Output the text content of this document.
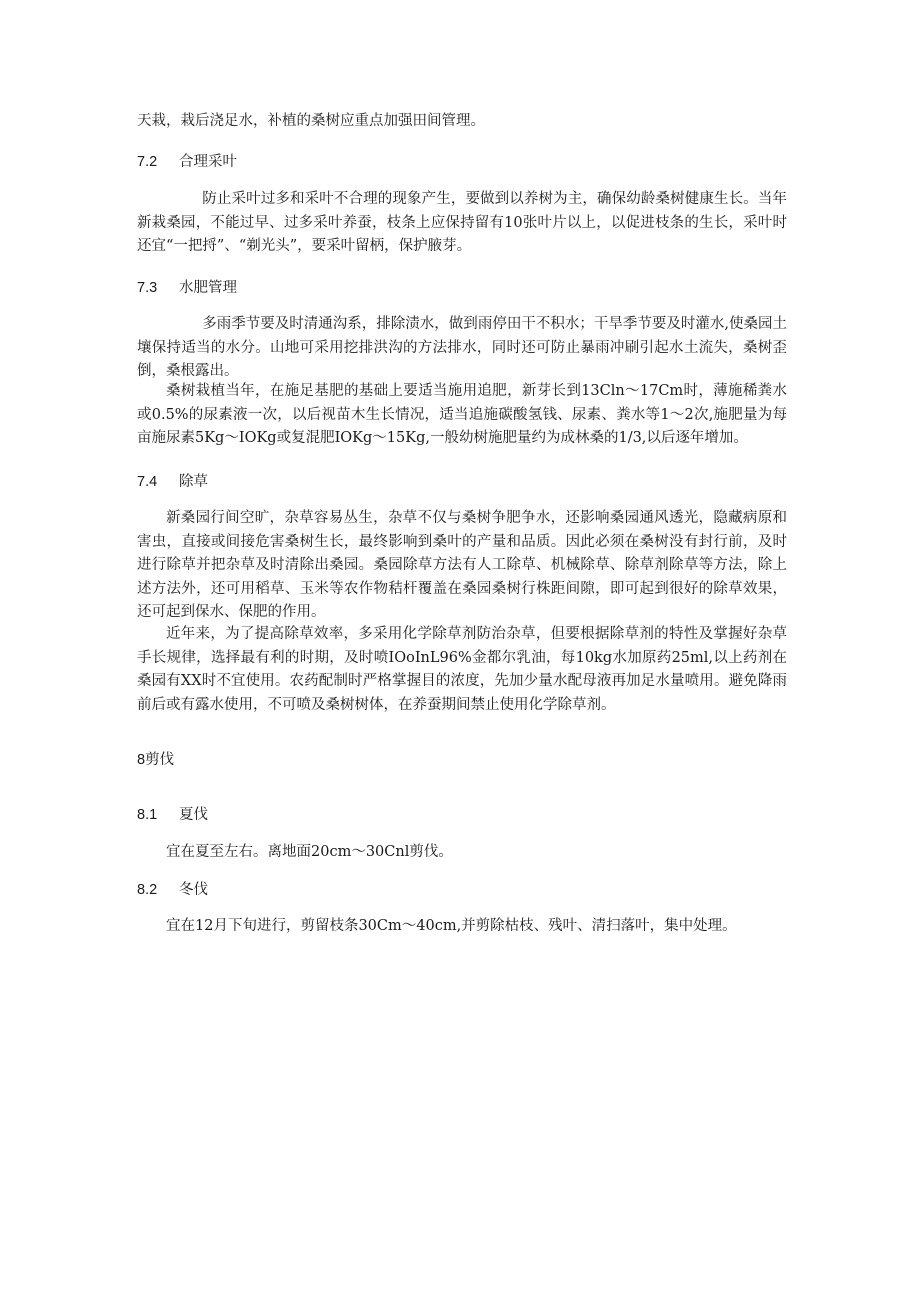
天栽，栽后浇足水，补植的桑树应重点加强田间管理。

7.2 合理采叶

防止采叶过多和采叶不合理的现象产生，要做到以养树为主，确保幼龄桑树健康生长。当年新栽桑园，不能过早、过多采叶养蚕，枝条上应保持留有10张叶片以上，以促进枝条的生长，采叶时还宜“一把捋”、“剃光头”，要采叶留柄，保护腋芽。

7.3 水肥管理

多雨季节要及时清通沟系，排除渍水，做到雨停田干不积水；干旱季节要及时灌水,使桑园土壤保持适当的水分。山地可采用挖排洪沟的方法排水，同时还可防止暴雨冲刷引起水土流失，桑树歪倒，桑根露出。

桑树栽植当年，在施足基肥的基础上要适当施用追肥，新芽长到13Cln～17Cm时，薄施稀粪水或0.5%的尿素液一次，以后视苗木生长情况，适当追施碳酸氢钱、尿素、粪水等1～2次,施肥量为每亩施尿素5Kg～IOKg或复混肥IOKg～15Kg,一般幼树施肥量约为成林桑的1/3,以后逐年增加。

7.4 除草

新桑园行间空旷，杂草容易丛生，杂草不仅与桑树争肥争水，还影响桑园通风透光，隐藏病原和害虫，直接或间接危害桑树生长，最终影响到桑叶的产量和品质。因此必须在桑树没有封行前，及时进行除草并把杂草及时清除出桑园。桑园除草方法有人工除草、机械除草、除草剂除草等方法，除上述方法外，还可用稻草、玉米等农作物秸杆覆盖在桑园桑树行株距间隙，即可起到很好的除草效果，还可起到保水、保肥的作用。

近年来，为了提高除草效率，多采用化学除草剂防治杂草，但要根据除草剂的特性及掌握好杂草手长规律，选择最有利的时期，及时喷IOoInL96%金都尔乳油，每10kg水加原药25ml,以上药剂在桑园有XX时不宜使用。农药配制时严格掌握目的浓度，先加少量水配母液再加足水量喷用。避免降雨前后或有露水使用，不可喷及桑树树体，在养蚕期间禁止使用化学除草剂。

8剪伐

8.1 夏伐

宜在夏至左右。离地面20cm～30Cnl剪伐。

8.2 冬伐

宜在12月下旬进行，剪留枝条30Cm～40cm,并剪除枯枝、残叶、清扫落叶，集中处理。
